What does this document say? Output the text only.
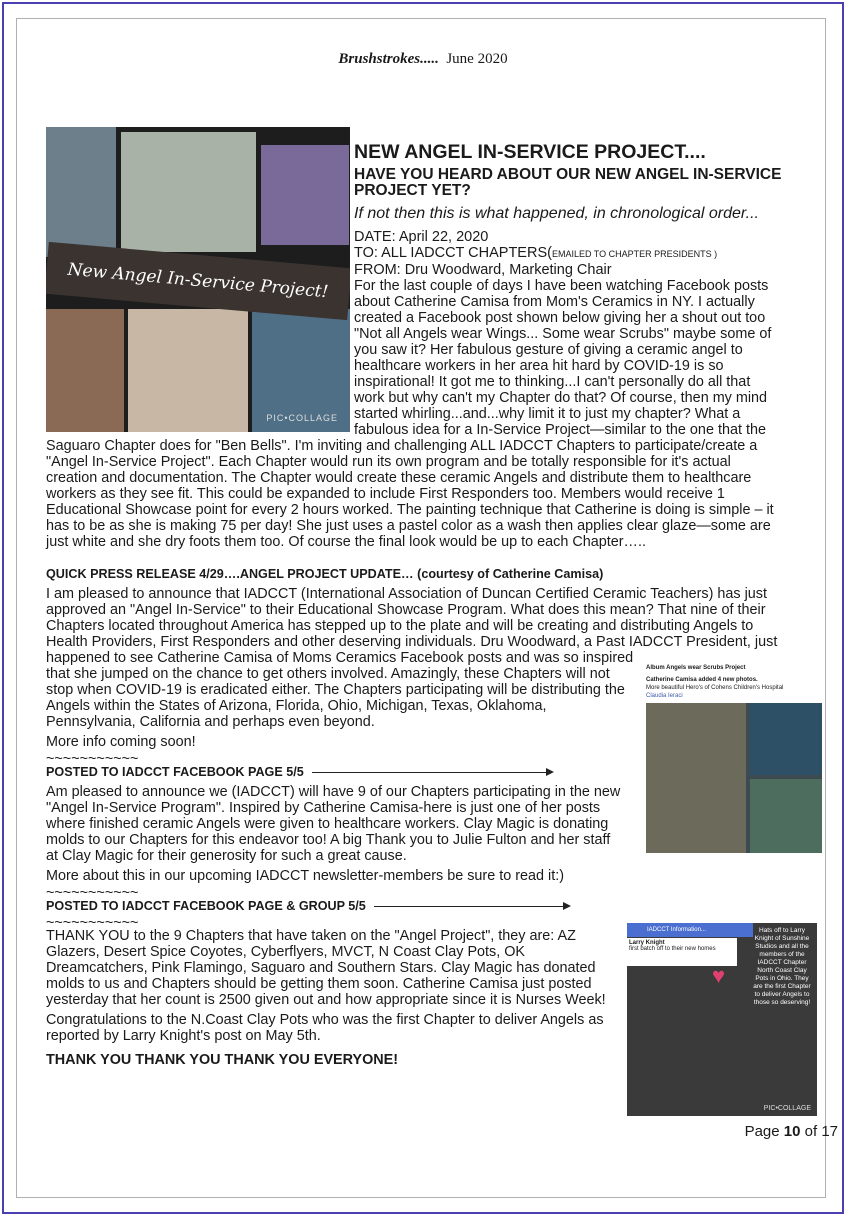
Brushstrokes..... June 2020
New Angel In-Service Project!
PIC•COLLAGE
NEW ANGEL IN-SERVICE PROJECT....
HAVE YOU HEARD ABOUT OUR NEW ANGEL IN-SERVICE PROJECT YET?
If not then this is what happened, in chronological order...

DATE: April 22, 2020

TO: ALL IADCCT CHAPTERS(EMAILED TO CHAPTER PRESIDENTS )

FROM: Dru Woodward, Marketing Chair

For the last couple of days I have been watching Facebook posts about Catherine Camisa from Mom's Ceramics in NY. I actually created a Facebook post shown below giving her a shout out too "Not all Angels wear Wings... Some wear Scrubs" maybe some of you saw it? Her fabulous gesture of giving a ceramic angel to healthcare workers in her area hit hard by COVID-19 is so inspirational! It got me to thinking...I can't personally do all that work but why can't my Chapter do that? Of course, then my mind started whirling...and...why limit it to just my chapter? What a fabulous idea for a In-Service Project—similar to the one that the Saguaro Chapter does for "Ben Bells". I'm inviting and challenging ALL IADCCT Chapters to participate/create a "Angel In-Service Project". Each Chapter would run its own program and be totally responsible for it's actual creation and documentation. The Chapter would create these ceramic Angels and distribute them to healthcare workers as they see fit. This could be expanded to include First Responders too. Members would receive 1 Educational Showcase point for every 2 hours worked. The painting technique that Catherine is doing is simple – it has to be as she is making 75 per day! She just uses a pastel color as a wash then applies clear glaze—some are just white and she dry foots them too. Of course the final look would be up to each Chapter…..

QUICK PRESS RELEASE 4/29….ANGEL PROJECT UPDATE… (courtesy of Catherine Camisa)
Album Angels wear Scrubs Project
Catherine Camisa added 4 new photos.
More beautiful Hero's of Cohens Children's Hospital
Claudia Ieraci

I am pleased to announce that IADCCT (International Association of Duncan Certified Ceramic Teachers) has just approved an "Angel In-Service" to their Educational Showcase Program. What does this mean? That nine of their Chapters located throughout America has stepped up to the plate and will be creating and distributing Angels to Health Providers, First Responders and other deserving individuals. Dru Woodward, a Past IADCCT President, just happened to see Catherine Camisa of Moms Ceramics Facebook posts and was so inspired that she jumped on the chance to get others involved. Amazingly, these Chapters will not stop when COVID-19 is eradicated either. The Chapters participating will be distributing the Angels within the States of Arizona, Florida, Ohio, Michigan, Texas, Oklahoma, Pennsylvania, California and perhaps even beyond.

More info coming soon!

~~~~~~~~~~~

POSTED TO IADCCT FACEBOOK PAGE 5/5

Am pleased to announce we (IADCCT) will have 9 of our Chapters participating in the new "Angel In-Service Program". Inspired by Catherine Camisa-here is just one of her posts where finished ceramic Angels were given to healthcare workers. Clay Magic is donating molds to our Chapters for this endeavor too! A big Thank you to Julie Fulton and her staff at Clay Magic for their generosity for such a great cause.

More about this in our upcoming IADCCT newsletter-members be sure to read it:)

~~~~~~~~~~~

POSTED TO IADCCT FACEBOOK PAGE & GROUP 5/5

~~~~~~~~~~~

THANK YOU to the 9 Chapters that have taken on the "Angel Project", they are: AZ Glazers, Desert Spice Coyotes, Cyberflyers, MVCT, N Coast Clay Pots, OK Dreamcatchers, Pink Flamingo, Saguaro and Southern Stars. Clay Magic has donated molds to us and Chapters should be getting them soon. Catherine Camisa just posted yesterday that her count is 2500 given out and how appropriate since it is Nurses Week!

Congratulations to the N.Coast Clay Pots who was the first Chapter to deliver Angels as reported by Larry Knight's post on May 5th.

THANK YOU THANK YOU THANK YOU EVERYONE!

IADCCT Information...
Larry Knight
first batch off to their new homes
♥
Hats off to Larry Knight of Sunshine Studios and all the members of the IADCCT Chapter North Coast Clay Pots in Ohio. They are the first Chapter to deliver Angels to those so deserving!
PIC•COLLAGE
Page 10 of 17
